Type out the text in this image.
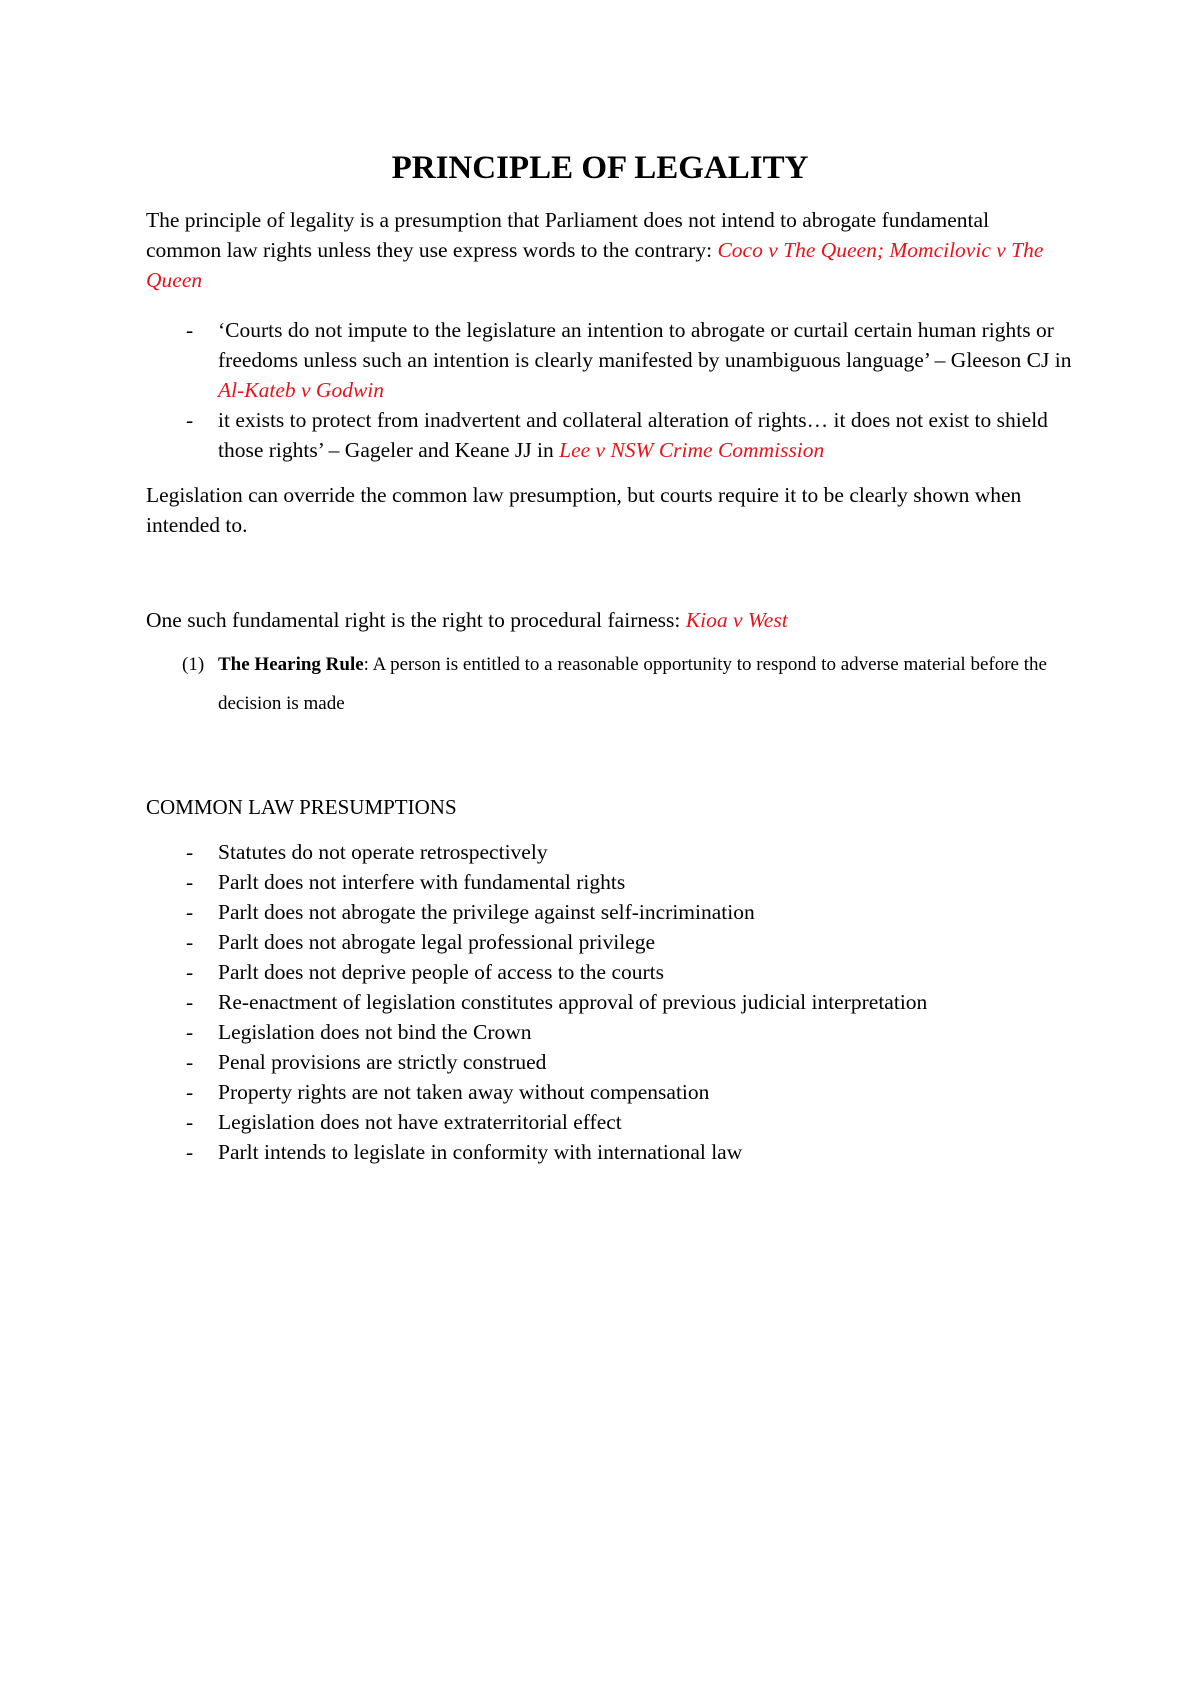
PRINCIPLE OF LEGALITY

The principle of legality is a presumption that Parliament does not intend to abrogate fundamental common law rights unless they use express words to the contrary: Coco v The Queen; Momcilovic v The Queen

- ‘Courts do not impute to the legislature an intention to abrogate or curtail certain human rights or freedoms unless such an intention is clearly manifested by unambiguous language’ – Gleeson CJ in Al-Kateb v Godwin
- it exists to protect from inadvertent and collateral alteration of rights… it does not exist to shield those rights’ – Gageler and Keane JJ in Lee v NSW Crime Commission

Legislation can override the common law presumption, but courts require it to be clearly shown when intended to.

One such fundamental right is the right to procedural fairness: Kioa v West

(1) The Hearing Rule: A person is entitled to a reasonable opportunity to respond to adverse material before the decision is made

COMMON LAW PRESUMPTIONS

- Statutes do not operate retrospectively
- Parlt does not interfere with fundamental rights
- Parlt does not abrogate the privilege against self-incrimination
- Parlt does not abrogate legal professional privilege
- Parlt does not deprive people of access to the courts
- Re-enactment of legislation constitutes approval of previous judicial interpretation
- Legislation does not bind the Crown
- Penal provisions are strictly construed
- Property rights are not taken away without compensation
- Legislation does not have extraterritorial effect
- Parlt intends to legislate in conformity with international law
